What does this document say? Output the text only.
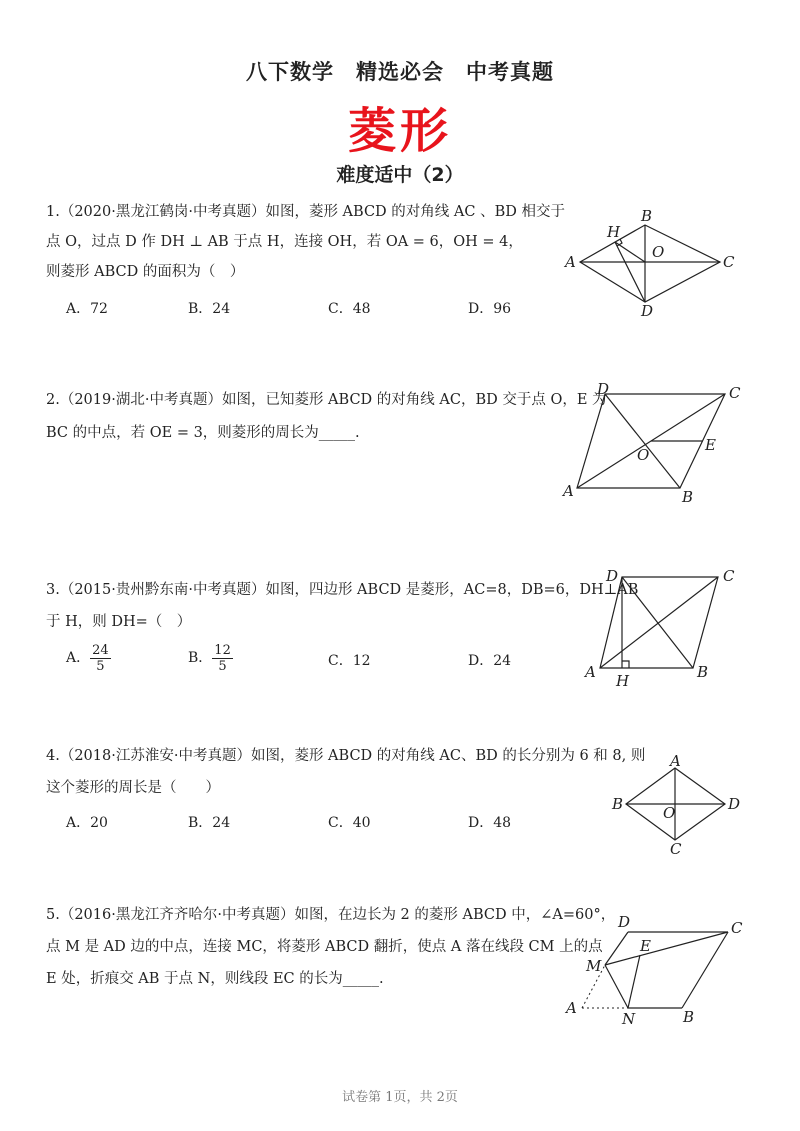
八下数学　精选必会　中考真题
菱形
难度适中（2）
1.（2020·黑龙江鹤岗·中考真题）如图，菱形 ABCD 的对角线 AC 、BD 相交于
点 O，过点 D 作 DH ⊥ AB 于点 H，连接 OH，若 OA = 6，OH = 4，
则菱形 ABCD 的面积为（　）
A．72	B．24	C．48	D．96
A
B
C
D
H
O
2.（2019·湖北·中考真题）如图，已知菱形 ABCD 的对角线 AC，BD 交于点 O，E 为
BC 的中点，若 OE = 3，则菱形的周长为_____.
A	B
C
D
E
O
3.（2015·贵州黔东南·中考真题）如图，四边形 ABCD 是菱形，AC=8，DB=6，DH⊥AB
于 H，则 DH=（　）
A． $\frac{24}{5}$	B． $\frac{12}{5}$	C．12	D．24
A	B
C
D
H
4.（2018·江苏淮安·中考真题）如图，菱形 ABCD 的对角线 AC、BD 的长分别为 6 和 8, 则
这个菱形的周长是（　　）
A．20	B．24	C．40	D．48
A
B
C
D
O
5.（2016·黑龙江齐齐哈尔·中考真题）如图，在边长为 2 的菱形 ABCD 中，∠A=60°，
点 M 是 AD 边的中点，连接 MC，将菱形 ABCD 翻折，使点 A 落在线段 CM 上的点
E 处，折痕交 AB 于点 N，则线段 EC 的长为_____.
A	B
C
D
E
M
N
试卷第 1页，共 2页
